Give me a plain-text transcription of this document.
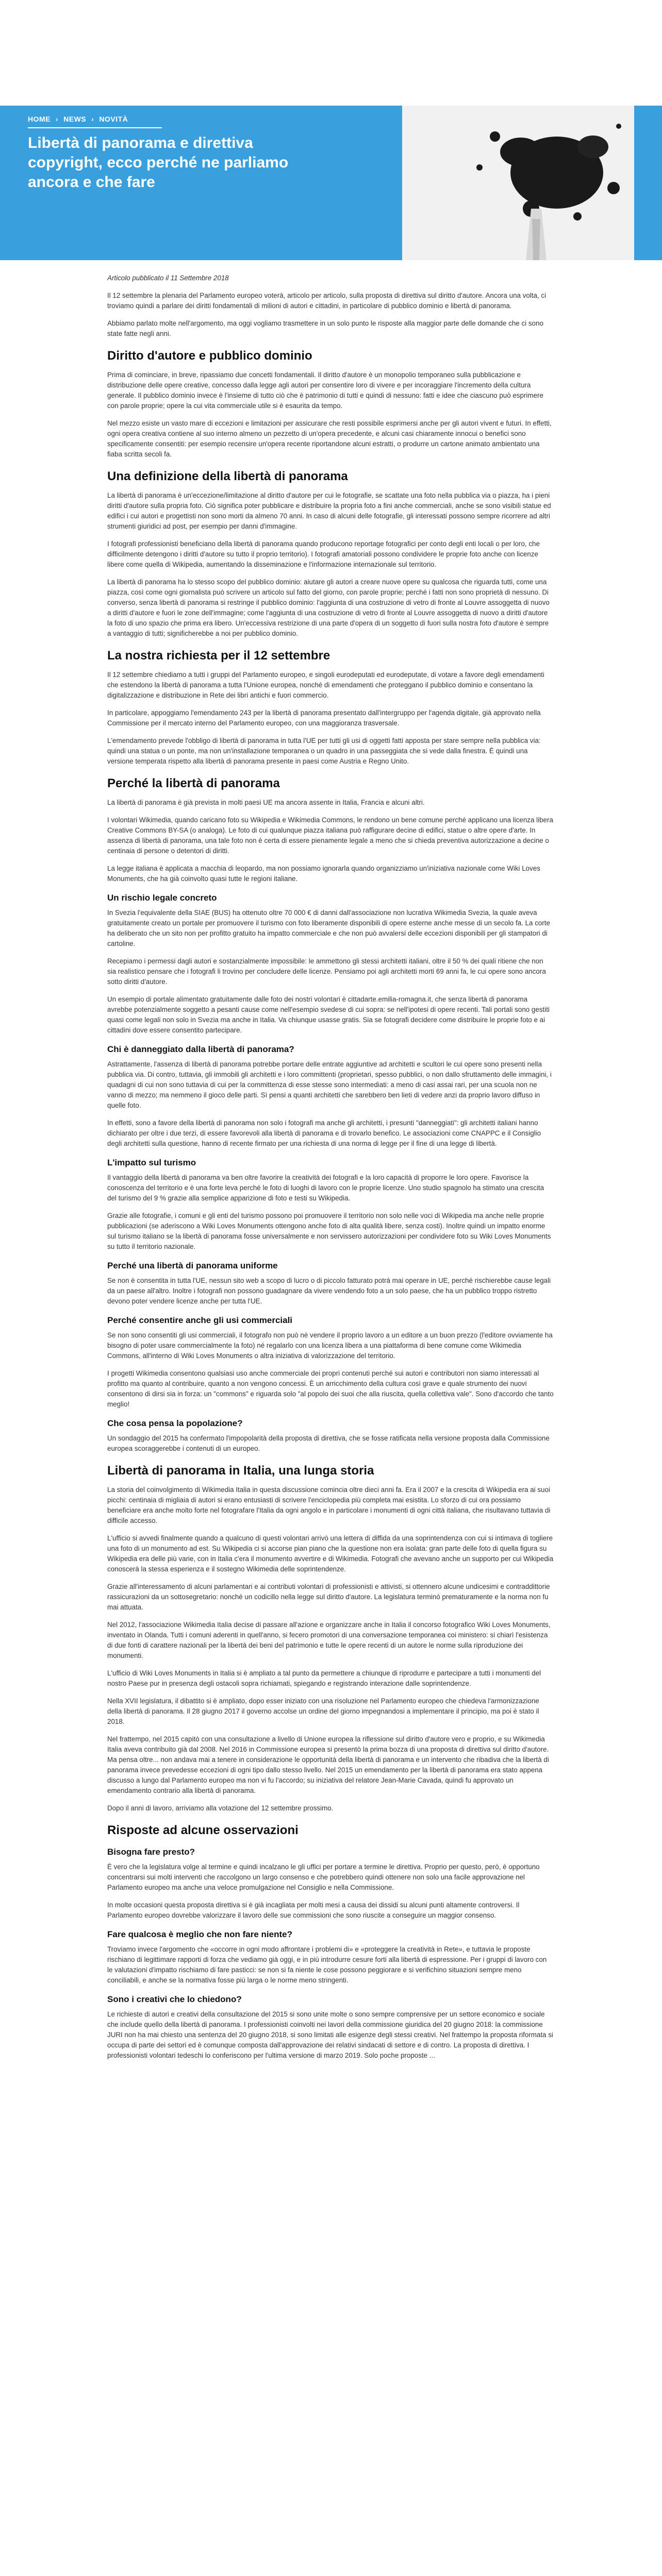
HOME › NEWS › NOVITÀ
Libertà di panorama e direttiva copyright, ecco perché ne parliamo ancora e che fare

Articolo pubblicato il 11 Settembre 2018

Il 12 settembre la plenaria del Parlamento europeo voterà, articolo per articolo, sulla proposta di direttiva sul diritto d'autore. Ancora una volta, ci troviamo quindi a parlare dei diritti fondamentali di milioni di autori e cittadini, in particolare di pubblico dominio e libertà di panorama.

Abbiamo parlato molte nell'argomento, ma oggi vogliamo trasmettere in un solo punto le risposte alla maggior parte delle domande che ci sono state fatte negli anni.

Diritto d'autore e pubblico dominio

Prima di cominciare, in breve, ripassiamo due concetti fondamentali. Il diritto d'autore è un monopolio temporaneo sulla pubblicazione e distribuzione delle opere creative, concesso dalla legge agli autori per consentire loro di vivere e per incoraggiare l'incremento della cultura generale. Il pubblico dominio invece è l'insieme di tutto ciò che è patrimonio di tutti e quindi di nessuno: fatti e idee che ciascuno può esprimere con parole proprie; opere la cui vita commerciale utile si è esaurita da tempo.

Nel mezzo esiste un vasto mare di eccezioni e limitazioni per assicurare che resti possibile esprimersi anche per gli autori vivent e futuri. In effetti, ogni opera creativa contiene al suo interno almeno un pezzetto di un'opera precedente, e alcuni casi chiaramente innocui o benefici sono specificamente consentiti: per esempio recensire un'opera recente riportandone alcuni estratti, o produrre un cartone animato ambientato una fiaba scritta secoli fa.

Una definizione della libertà di panorama

La libertà di panorama è un'eccezione/limitazione al diritto d'autore per cui le fotografie, se scattate una foto nella pubblica via o piazza, ha i pieni diritti d'autore sulla propria foto. Ciò significa poter pubblicare e distribuire la propria foto a fini anche commerciali, anche se sono visibili statue ed edifici i cui autori e progettisti non sono morti da almeno 70 anni. In caso di alcuni delle fotografie, gli interessati possono sempre ricorrere ad altri strumenti giuridici ad post, per esempio per danni d'immagine.

I fotografi professionisti beneficiano della libertà di panorama quando producono reportage fotografici per conto degli enti locali o per loro, che difficilmente detengono i diritti d'autore su tutto il proprio territorio). I fotografi amatoriali possono condividere le proprie foto anche con licenze libere come quella di Wikipedia, aumentando la disseminazione e l'informazione internazionale sul territorio.

La libertà di panorama ha lo stesso scopo del pubblico dominio: aiutare gli autori a creare nuove opere su qualcosa che riguarda tutti, come una piazza, così come ogni giornalista può scrivere un articolo sul fatto del giorno, con parole proprie; perché i fatti non sono proprietà di nessuno. Di converso, senza libertà di panorama si restringe il pubblico dominio: l'aggiunta di una costruzione di vetro di fronte al Louvre assoggetta di nuovo a diritti d'autore e fuori le zone dell'immagine; come l'aggiunta di una costruzione di vetro di fronte al Louvre assoggetta di nuovo a diritti d'autore la foto di uno spazio che prima era libero. Un'eccessiva restrizione di una parte d'opera di un soggetto di fuori sulla nostra foto d'autore è sempre a vantaggio di tutti; significherebbe a noi per pubblico dominio.

La nostra richiesta per il 12 settembre

Il 12 settembre chiediamo a tutti i gruppi del Parlamento europeo, e singoli eurodeputati ed eurodeputate, di votare a favore degli emendamenti che estendono la libertà di panorama a tutta l'Unione europea, nonché di emendamenti che proteggano il pubblico dominio e consentano la digitalizzazione e distribuzione in Rete dei libri antichi e fuori commercio.

In particolare, appoggiamo l'emendamento 243 per la libertà di panorama presentato dall'intergruppo per l'agenda digitale, già approvato nella Commissione per il mercato interno del Parlamento europeo, con una maggioranza trasversale.

L'emendamento prevede l'obbligo di libertà di panorama in tutta l'UE per tutti gli usi di oggetti fatti apposta per stare sempre nella pubblica via: quindi una statua o un ponte, ma non un'installazione temporanea o un quadro in una passeggiata che si vede dalla finestra. È quindi una versione temperata rispetto alla libertà di panorama presente in paesi come Austria e Regno Unito.

Perché la libertà di panorama

La libertà di panorama è già prevista in molti paesi UE ma ancora assente in Italia, Francia e alcuni altri.

I volontari Wikimedia, quando caricano foto su Wikipedia e Wikimedia Commons, le rendono un bene comune perché applicano una licenza libera Creative Commons BY-SA (o analoga). Le foto di cui qualunque piazza italiana può raffigurare decine di edifici, statue o altre opere d'arte. In assenza di libertà di panorama, una tale foto non è certa di essere pienamente legale a meno che si chieda preventiva autorizzazione a decine o centinaia di persone o detentori di diritti.

La legge italiana è applicata a macchia di leopardo, ma non possiamo ignorarla quando organizziamo un'iniziativa nazionale come Wiki Loves Monuments, che ha già coinvolto quasi tutte le regioni italiane.

Un rischio legale concreto

In Svezia l'equivalente della SIAE (BUS) ha ottenuto oltre 70 000 € di danni dall'associazione non lucrativa Wikimedia Svezia, la quale aveva gratuitamente creato un portale per promuovere il turismo con foto liberamente disponibili di opere esterne anche messe di un secolo fa. La corte ha deliberato che un sito non per profitto gratuito ha impatto commerciale e che non può avvalersi delle eccezioni disponibili per gli stampatori di cartoline.

Recepiamo i permessi dagli autori e sostanzialmente impossibile: le ammettono gli stessi architetti italiani, oltre il 50 % dei quali ritiene che non sia realistico pensare che i fotografi li trovino per concludere delle licenze. Pensiamo poi agli architetti morti 69 anni fa, le cui opere sono ancora sotto diritti d'autore.

Un esempio di portale alimentato gratuitamente dalle foto dei nostri volontari è cittadarte.emilia-romagna.it, che senza libertà di panorama avrebbe potenzialmente soggetto a pesanti cause come nell'esempio svedese di cui sopra: se nell'ipotesi di opere recenti. Tali portali sono gestiti quasi come legali non solo in Svezia ma anche in Italia. Va chiunque usasse gratis. Sia se fotografi decidere come distribuire le proprie foto e ai cittadini dove essere consentito partecipare.

Chi è danneggiato dalla libertà di panorama?

Astrattamente, l'assenza di libertà di panorama potrebbe portare delle entrate aggiuntive ad architetti e scultori le cui opere sono presenti nella pubblica via. Di contro, tuttavia, gli immobili gli architetti e i loro committenti (proprietari, spesso pubblici, o non dallo sfruttamento delle immagini, i quadagni di cui non sono tuttavia di cui per la committenza di esse stesse sono intermediati: a meno di casi assai rari, per una scuola non ne vanno di mezzo; ma nemmeno il gioco delle parti. Sì pensi a quanti architetti che sarebbero ben lieti di vedere anzi da proprio lavoro diffuso in quelle foto.

In effetti, sono a favore della libertà di panorama non solo i fotografi ma anche gli architetti, i presunti "danneggiati": gli architetti italiani hanno dichiarato per oltre i due terzi, di essere favorevoli alla libertà di panorama e di trovarlo benefico. Le associazioni come CNAPPC e il Consiglio degli architetti sulla questione, hanno di recente firmato per una richiesta di una norma di legge per il fine di una legge di libertà.

L'impatto sul turismo

Il vantaggio della libertà di panorama va ben oltre favorire la creatività dei fotografi e la loro capacità di proporre le loro opere. Favorisce la conoscenza del territorio e è una forte leva perché le foto di luoghi di lavoro con le proprie licenze. Uno studio spagnolo ha stimato una crescita del turismo del 9 % grazie alla semplice apparizione di foto e testi su Wikipedia.

Grazie alle fotografie, i comuni e gli enti del turismo possono poi promuovere il territorio non solo nelle voci di Wikipedia ma anche nelle proprie pubblicazioni (se aderiscono a Wiki Loves Monuments ottengono anche foto di alta qualità libere, senza costi). Inoltre quindi un impatto enorme sul turismo italiano se la libertà di panorama fosse universalmente e non servissero autorizzazioni per condividere foto su Wiki Loves Monuments su tutto il territorio nazionale.

Perché una libertà di panorama uniforme

Se non è consentita in tutta l'UE, nessun sito web a scopo di lucro o di piccolo fatturato potrà mai operare in UE, perché rischierebbe cause legali da un paese all'altro. Inoltre i fotografi non possono guadagnare da vivere vendendo foto a un solo paese, che ha un pubblico troppo ristretto devono poter vendere licenze anche per tutta l'UE.

Perché consentire anche gli usi commerciali

Se non sono consentiti gli usi commerciali, il fotografo non può nè vendere il proprio lavoro a un editore a un buon prezzo (l'editore ovviamente ha bisogno di poter usare commercialmente la foto) né regalarlo con una licenza libera a una piattaforma di bene comune come Wikimedia Commons, all'interno di Wiki Loves Monuments o altra iniziativa di valorizzazione del territorio.

I progetti Wikimedia consentono qualsiasi uso anche commerciale dei propri contenuti perché sui autori e contributori non siamo interessati al profitto ma quanto al contribuire, quanto a non vengono concessi. È un arricchimento della cultura così grave e quale strumento dei nuovi consentono di dirsi sia in forza: un "commons" e riguarda solo "al popolo dei suoi che alla riuscita, quella collettiva vale". Sono d'accordo che tanto meglio!

Che cosa pensa la popolazione?

Un sondaggio del 2015 ha confermato l'impopolarità della proposta di direttiva, che se fosse ratificata nella versione proposta dalla Commissione europea scoraggerebbe i contenuti di un europeo.

Libertà di panorama in Italia, una lunga storia

La storia del coinvolgimento di Wikimedia Italia in questa discussione comincia oltre dieci anni fa. Era il 2007 e la crescita di Wikipedia era ai suoi picchi: centinaia di migliaia di autori si erano entusiasti di scrivere l'enciclopedia più completa mai esistita. Lo sforzo di cui ora possiamo beneficiare era anche molto forte nel fotografare l'Italia da ogni angolo e in particolare i monumenti di ogni città italiana, che risultavano tuttavia di difficile accesso.

L'ufficio si avvedi finalmente quando a qualcuno di questi volontari arrivò una lettera di diffida da una soprintendenza con cui si intimava di togliere una foto di un monumento ad est. Su Wikipedia ci si accorse pian piano che la questione non era isolata: gran parte delle foto di quella figura su Wikipedia era delle più varie, con in Italia c'era il monumento avvertire e di Wikimedia. Fotografi che avevano anche un supporto per cui Wikipedia conoscerà la stessa esperienza e il sostegno Wikimedia delle soprintendenze.

Grazie all'interessamento di alcuni parlamentari e ai contributi volontari di professionisti e attivisti, si ottennero alcune undicesimi e contraddittorie rassicurazioni da un sottosegretario: nonché un codicillo nella legge sul diritto d'autore. La legislatura terminò prematuramente e la norma non fu mai attuata.

Nel 2012, l'associazione Wikimedia Italia decise di passare all'azione e organizzare anche in Italia il concorso fotografico Wiki Loves Monuments, inventato in Olanda. Tutti i comuni aderenti in quell'anno, si fecero promotori di una conversazione temporanea coi ministero: si chiarì l'esistenza di due fonti di carattere nazionali per la libertà dei beni del patrimonio e tutte le opere recenti di un autore le norme sulla riproduzione dei monumenti.

L'ufficio di Wiki Loves Monuments in Italia si è ampliato a tal punto da permettere a chiunque di riprodurre e partecipare a tutti i monumenti del nostro Paese pur in presenza degli ostacoli sopra richiamati, spiegando e registrando interazione dalle soprintendenze.

Nella XVII legislatura, il dibattito si è ampliato, dopo esser iniziato con una risoluzione nel Parlamento europeo che chiedeva l'armonizzazione della libertà di panorama. Il 28 giugno 2017 il governo accolse un ordine del giorno impegnandosi a implementare il principio, ma poi è stato il 2018.

Nel frattempo, nel 2015 capitò con una consultazione a livello di Unione europea la riflessione sul diritto d'autore vero e proprio, e su Wikimedia Italia aveva contribuito già dal 2008. Nel 2016 in Commissione europea si presentò la prima bozza di una proposta di direttiva sul diritto d'autore. Ma pensa oltre... non andava mai a tenere in considerazione le opportunità della libertà di panorama e un intervento che ribadiva che la libertà di panorama invece prevedesse eccezioni di ogni tipo dallo stesso livello. Nel 2015 un emendamento per la libertà di panorama era stato appena discusso a lungo dal Parlamento europeo ma non vi fu l'accordo; su iniziativa del relatore Jean-Marie Cavada, quindi fu approvato un emendamento contrario alla libertà di panorama.

Dopo il anni di lavoro, arriviamo alla votazione del 12 settembre prossimo.

Risposte ad alcune osservazioni
Bisogna fare presto?

È vero che la legislatura volge al termine e quindi incalzano le gli uffici per portare a termine le direttiva. Proprio per questo, però, è opportuno concentrarsi sui molti interventi che raccolgono un largo consenso e che potrebbero quindi ottenere non solo una facile approvazione nel Parlamento europeo ma anche una veloce promulgazione nel Consiglio e nella Commissione.

In molte occasioni questa proposta direttiva si è già incagliata per molti mesi a causa dei dissidi su alcuni punti altamente controversi. Il Parlamento europeo dovrebbe valorizzare il lavoro delle sue commissioni che sono riuscite a conseguire un maggior consenso.

Fare qualcosa è meglio che non fare niente?

Troviamo invece l'argomento che «occorre in ogni modo affrontare i problemi di» e «proteggere la creatività in Rete», e tuttavia le proposte rischiano di legittimare rapporti di forza che vediamo già oggi, e in più introdurre cesure forti alla libertà di espressione. Per i gruppi di lavoro con le valutazioni d'impatto rischiamo di fare pasticci: se non si fa niente le cose possono peggiorare e si verifichino situazioni sempre meno conciliabili, e anche se la normativa fosse più larga o le norme meno stringenti.

Sono i creativi che lo chiedono?

Le richieste di autori e creativi della consultazione del 2015 si sono unite molte o sono sempre comprensive per un settore economico e sociale che include quello della libertà di panorama. I professionisti coinvolti nei lavori della commissione giuridica del 20 giugno 2018: la commissione JURI non ha mai chiesto una sentenza del 20 giugno 2018, si sono limitati alle esigenze degli stessi creativi. Nel frattempo la proposta riformata si occupa di parte dei settori ed è comunque composta dall'approvazione dei relativi sindacati di settore e di contro. La proposta di direttiva. I professionisti volontari tedeschi lo conferiscono per l'ultima versione di marzo 2019. Solo poche proposte ...
